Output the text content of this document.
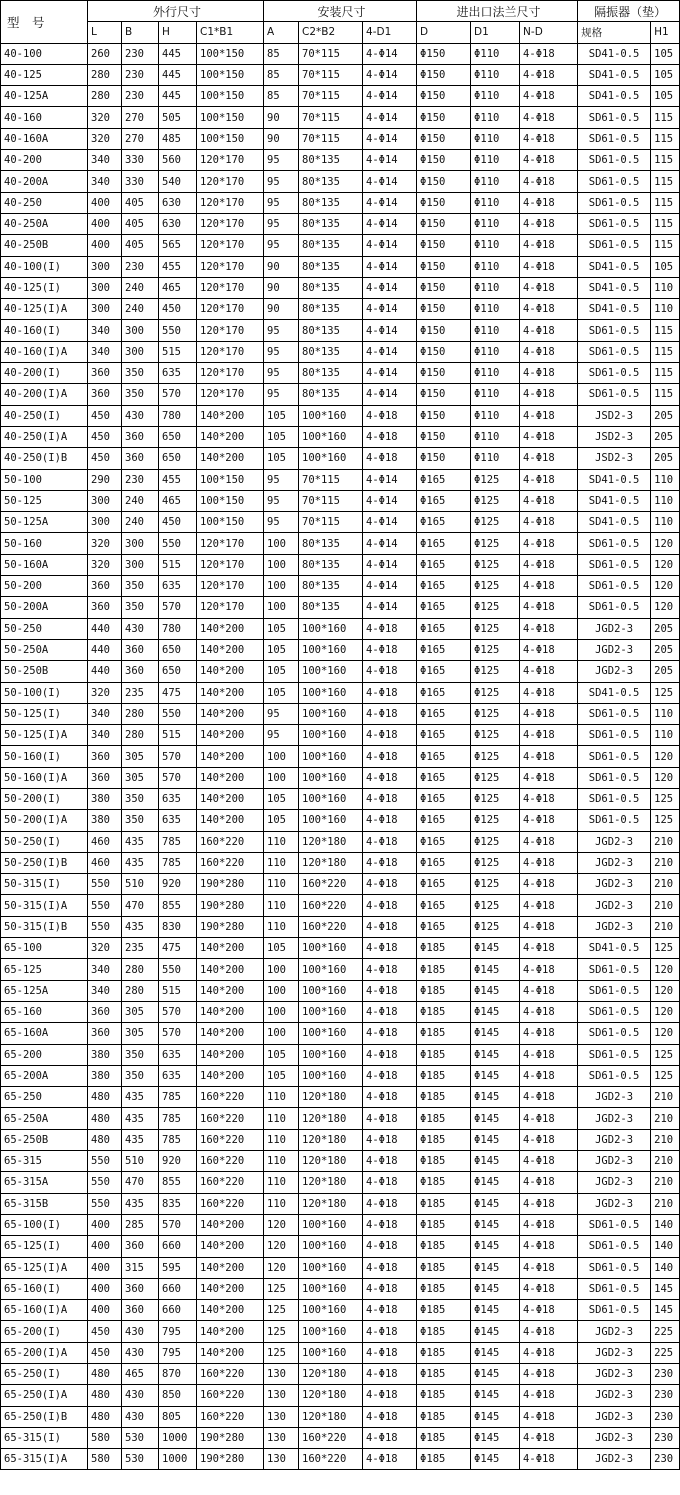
型　号	外行尺寸				安装尺寸			进出口法兰尺寸			隔振器（垫）	
	L	B	H	C1*B1	A	C2*B2	4-D1	D	D1	N-D	规格	H1
40-100	260	230	445	100*150	85	70*115	4-Φ14	Φ150	Φ110	4-Φ18	SD41-0.5	105
40-125	280	230	445	100*150	85	70*115	4-Φ14	Φ150	Φ110	4-Φ18	SD41-0.5	105
40-125A	280	230	445	100*150	85	70*115	4-Φ14	Φ150	Φ110	4-Φ18	SD41-0.5	105
40-160	320	270	505	100*150	90	70*115	4-Φ14	Φ150	Φ110	4-Φ18	SD61-0.5	115
40-160A	320	270	485	100*150	90	70*115	4-Φ14	Φ150	Φ110	4-Φ18	SD61-0.5	115
40-200	340	330	560	120*170	95	80*135	4-Φ14	Φ150	Φ110	4-Φ18	SD61-0.5	115
40-200A	340	330	540	120*170	95	80*135	4-Φ14	Φ150	Φ110	4-Φ18	SD61-0.5	115
40-250	400	405	630	120*170	95	80*135	4-Φ14	Φ150	Φ110	4-Φ18	SD61-0.5	115
40-250A	400	405	630	120*170	95	80*135	4-Φ14	Φ150	Φ110	4-Φ18	SD61-0.5	115
40-250B	400	405	565	120*170	95	80*135	4-Φ14	Φ150	Φ110	4-Φ18	SD61-0.5	115
40-100(I)	300	230	455	120*170	90	80*135	4-Φ14	Φ150	Φ110	4-Φ18	SD41-0.5	105
40-125(I)	300	240	465	120*170	90	80*135	4-Φ14	Φ150	Φ110	4-Φ18	SD41-0.5	110
40-125(I)A	300	240	450	120*170	90	80*135	4-Φ14	Φ150	Φ110	4-Φ18	SD41-0.5	110
40-160(I)	340	300	550	120*170	95	80*135	4-Φ14	Φ150	Φ110	4-Φ18	SD61-0.5	115
40-160(I)A	340	300	515	120*170	95	80*135	4-Φ14	Φ150	Φ110	4-Φ18	SD61-0.5	115
40-200(I)	360	350	635	120*170	95	80*135	4-Φ14	Φ150	Φ110	4-Φ18	SD61-0.5	115
40-200(I)A	360	350	570	120*170	95	80*135	4-Φ14	Φ150	Φ110	4-Φ18	SD61-0.5	115
40-250(I)	450	430	780	140*200	105	100*160	4-Φ18	Φ150	Φ110	4-Φ18	JSD2-3	205
40-250(I)A	450	360	650	140*200	105	100*160	4-Φ18	Φ150	Φ110	4-Φ18	JSD2-3	205
40-250(I)B	450	360	650	140*200	105	100*160	4-Φ18	Φ150	Φ110	4-Φ18	JSD2-3	205
50-100	290	230	455	100*150	95	70*115	4-Φ14	Φ165	Φ125	4-Φ18	SD41-0.5	110
50-125	300	240	465	100*150	95	70*115	4-Φ14	Φ165	Φ125	4-Φ18	SD41-0.5	110
50-125A	300	240	450	100*150	95	70*115	4-Φ14	Φ165	Φ125	4-Φ18	SD41-0.5	110
50-160	320	300	550	120*170	100	80*135	4-Φ14	Φ165	Φ125	4-Φ18	SD61-0.5	120
50-160A	320	300	515	120*170	100	80*135	4-Φ14	Φ165	Φ125	4-Φ18	SD61-0.5	120
50-200	360	350	635	120*170	100	80*135	4-Φ14	Φ165	Φ125	4-Φ18	SD61-0.5	120
50-200A	360	350	570	120*170	100	80*135	4-Φ14	Φ165	Φ125	4-Φ18	SD61-0.5	120
50-250	440	430	780	140*200	105	100*160	4-Φ18	Φ165	Φ125	4-Φ18	JGD2-3	205
50-250A	440	360	650	140*200	105	100*160	4-Φ18	Φ165	Φ125	4-Φ18	JGD2-3	205
50-250B	440	360	650	140*200	105	100*160	4-Φ18	Φ165	Φ125	4-Φ18	JGD2-3	205
50-100(I)	320	235	475	140*200	105	100*160	4-Φ18	Φ165	Φ125	4-Φ18	SD41-0.5	125
50-125(I)	340	280	550	140*200	95	100*160	4-Φ18	Φ165	Φ125	4-Φ18	SD61-0.5	110
50-125(I)A	340	280	515	140*200	95	100*160	4-Φ18	Φ165	Φ125	4-Φ18	SD61-0.5	110
50-160(I)	360	305	570	140*200	100	100*160	4-Φ18	Φ165	Φ125	4-Φ18	SD61-0.5	120
50-160(I)A	360	305	570	140*200	100	100*160	4-Φ18	Φ165	Φ125	4-Φ18	SD61-0.5	120
50-200(I)	380	350	635	140*200	105	100*160	4-Φ18	Φ165	Φ125	4-Φ18	SD61-0.5	125
50-200(I)A	380	350	635	140*200	105	100*160	4-Φ18	Φ165	Φ125	4-Φ18	SD61-0.5	125
50-250(I)	460	435	785	160*220	110	120*180	4-Φ18	Φ165	Φ125	4-Φ18	JGD2-3	210
50-250(I)B	460	435	785	160*220	110	120*180	4-Φ18	Φ165	Φ125	4-Φ18	JGD2-3	210
50-315(I)	550	510	920	190*280	110	160*220	4-Φ18	Φ165	Φ125	4-Φ18	JGD2-3	210
50-315(I)A	550	470	855	190*280	110	160*220	4-Φ18	Φ165	Φ125	4-Φ18	JGD2-3	210
50-315(I)B	550	435	830	190*280	110	160*220	4-Φ18	Φ165	Φ125	4-Φ18	JGD2-3	210
65-100	320	235	475	140*200	105	100*160	4-Φ18	Φ185	Φ145	4-Φ18	SD41-0.5	125
65-125	340	280	550	140*200	100	100*160	4-Φ18	Φ185	Φ145	4-Φ18	SD61-0.5	120
65-125A	340	280	515	140*200	100	100*160	4-Φ18	Φ185	Φ145	4-Φ18	SD61-0.5	120
65-160	360	305	570	140*200	100	100*160	4-Φ18	Φ185	Φ145	4-Φ18	SD61-0.5	120
65-160A	360	305	570	140*200	100	100*160	4-Φ18	Φ185	Φ145	4-Φ18	SD61-0.5	120
65-200	380	350	635	140*200	105	100*160	4-Φ18	Φ185	Φ145	4-Φ18	SD61-0.5	125
65-200A	380	350	635	140*200	105	100*160	4-Φ18	Φ185	Φ145	4-Φ18	SD61-0.5	125
65-250	480	435	785	160*220	110	120*180	4-Φ18	Φ185	Φ145	4-Φ18	JGD2-3	210
65-250A	480	435	785	160*220	110	120*180	4-Φ18	Φ185	Φ145	4-Φ18	JGD2-3	210
65-250B	480	435	785	160*220	110	120*180	4-Φ18	Φ185	Φ145	4-Φ18	JGD2-3	210
65-315	550	510	920	160*220	110	120*180	4-Φ18	Φ185	Φ145	4-Φ18	JGD2-3	210
65-315A	550	470	855	160*220	110	120*180	4-Φ18	Φ185	Φ145	4-Φ18	JGD2-3	210
65-315B	550	435	835	160*220	110	120*180	4-Φ18	Φ185	Φ145	4-Φ18	JGD2-3	210
65-100(I)	400	285	570	140*200	120	100*160	4-Φ18	Φ185	Φ145	4-Φ18	SD61-0.5	140
65-125(I)	400	360	660	140*200	120	100*160	4-Φ18	Φ185	Φ145	4-Φ18	SD61-0.5	140
65-125(I)A	400	315	595	140*200	120	100*160	4-Φ18	Φ185	Φ145	4-Φ18	SD61-0.5	140
65-160(I)	400	360	660	140*200	125	100*160	4-Φ18	Φ185	Φ145	4-Φ18	SD61-0.5	145
65-160(I)A	400	360	660	140*200	125	100*160	4-Φ18	Φ185	Φ145	4-Φ18	SD61-0.5	145
65-200(I)	450	430	795	140*200	125	100*160	4-Φ18	Φ185	Φ145	4-Φ18	JGD2-3	225
65-200(I)A	450	430	795	140*200	125	100*160	4-Φ18	Φ185	Φ145	4-Φ18	JGD2-3	225
65-250(I)	480	465	870	160*220	130	120*180	4-Φ18	Φ185	Φ145	4-Φ18	JGD2-3	230
65-250(I)A	480	430	850	160*220	130	120*180	4-Φ18	Φ185	Φ145	4-Φ18	JGD2-3	230
65-250(I)B	480	430	805	160*220	130	120*180	4-Φ18	Φ185	Φ145	4-Φ18	JGD2-3	230
65-315(I)	580	530	1000	190*280	130	160*220	4-Φ18	Φ185	Φ145	4-Φ18	JGD2-3	230
65-315(I)A	580	530	1000	190*280	130	160*220	4-Φ18	Φ185	Φ145	4-Φ18	JGD2-3	230
